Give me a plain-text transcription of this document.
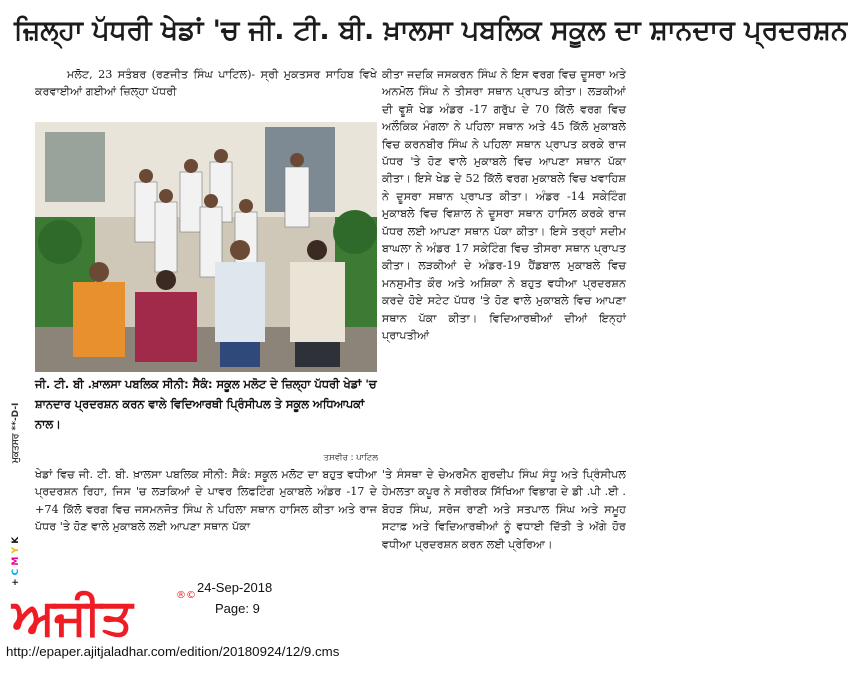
ਜ਼ਿਲ੍ਹਾ ਪੱਧਰੀ ਖੇਡਾਂ 'ਚ ਜੀ. ਟੀ. ਬੀ. ਖ਼ਾਲਸਾ ਪਬਲਿਕ ਸਕੂਲ ਦਾ ਸ਼ਾਨਦਾਰ ਪ੍ਰਦਰਸ਼ਨ
ਮਲੋਟ, 23 ਸਤੰਬਰ (ਰਣਜੀਤ ਸਿੰਘ ਪਾਟਿਲ)- ਸ੍ਰੀ ਮੁਕਤਸਰ ਸਾਹਿਬ ਵਿਖੇ ਕਰਵਾਈਆਂ ਗਈਆਂ ਜ਼ਿਲ੍ਹਾ ਪੱਧਰੀ
ਕੀਤਾ ਜਦਕਿ ਜਸਕਰਨ ਸਿੰਘ ਨੇ ਇਸ ਵਰਗ ਵਿਚ ਦੂਸਰਾ ਅਤੇ ਅਨਮੋਲ ਸਿੰਘ ਨੇ ਤੀਸਰਾ ਸਥਾਨ ਪ੍ਰਾਪਤ ਕੀਤਾ। ਲੜਕੀਆਂ ਦੀ ਵੂਸ਼ੋ ਖੇਡ ਅੰਡਰ -17 ਗਰੁੱਪ ਦੇ 70 ਕਿੱਲੋ ਵਰਗ ਵਿਚ ਅਲੌਕਿਕ ਮੰਗਲਾ ਨੇ ਪਹਿਲਾ ਸਥਾਨ ਅਤੇ 45 ਕਿੱਲੋ ਮੁਕਾਬਲੇ ਵਿਚ ਕਰਨਬੀਰ ਸਿੰਘ ਨੇ ਪਹਿਲਾ ਸਥਾਨ ਪ੍ਰਾਪਤ ਕਰਕੇ ਰਾਜ ਪੱਧਰ 'ਤੇ ਹੋਣ ਵਾਲੇ ਮੁਕਾਬਲੇ ਵਿਚ ਆਪਣਾ ਸਥਾਨ ਪੱਕਾ ਕੀਤਾ। ਇਸੇ ਖੇਡ ਦੇ 52 ਕਿੱਲੋ ਵਰਗ ਮੁਕਾਬਲੇ ਵਿਚ ਖਵਾਹਿਸ਼ ਨੇ ਦੂਸਰਾ ਸਥਾਨ ਪ੍ਰਾਪਤ ਕੀਤਾ। ਅੰਡਰ -14 ਸਕੇਟਿੰਗ ਮੁਕਾਬਲੇ ਵਿਚ ਵਿਸ਼ਾਲ ਨੇ ਦੂਸਰਾ ਸਥਾਨ ਹਾਸਿਲ ਕਰਕੇ ਰਾਜ ਪੱਧਰ ਲਈ ਆਪਣਾ ਸਥਾਨ ਪੱਕਾ ਕੀਤਾ। ਇਸੇ ਤਰ੍ਹਾਂ ਸਦੀਮ ਬਾਘਲਾ ਨੇ ਅੰਡਰ 17 ਸਕੇਟਿੰਗ ਵਿਚ ਤੀਸਰਾ ਸਥਾਨ ਪ੍ਰਾਪਤ ਕੀਤਾ। ਲੜਕੀਆਂ ਦੇ ਅੰਡਰ-19 ਹੈਂਡਬਾਲ ਮੁਕਾਬਲੇ ਵਿਚ ਮਨਸੁਮੀਤ ਕੌਰ ਅਤੇ ਅਸ਼ਿਕਾ ਨੇ ਬਹੁਤ ਵਧੀਆ ਪ੍ਰਦਰਸ਼ਨ ਕਰਦੇ ਹੋਏ ਸਟੇਟ ਪੱਧਰ 'ਤੇ ਹੋਣ ਵਾਲੇ ਮੁਕਾਬਲੇ ਵਿਚ ਆਪਣਾ ਸਥਾਨ ਪੱਕਾ ਕੀਤਾ। ਵਿਦਿਆਰਥੀਆਂ ਦੀਆਂ ਇਨ੍ਹਾਂ ਪ੍ਰਾਪਤੀਆਂ
ਜੀ. ਟੀ. ਬੀ .ਖ਼ਾਲਸਾ ਪਬਲਿਕ ਸੀਨੀ: ਸੈਕੰ: ਸਕੂਲ ਮਲੋਟ ਦੇ ਜ਼ਿਲ੍ਹਾ ਪੱਧਰੀ ਖੇਡਾਂ 'ਚ ਸ਼ਾਨਦਾਰ ਪ੍ਰਦਰਸ਼ਨ ਕਰਨ ਵਾਲੇ ਵਿਦਿਆਰਥੀ ਪ੍ਰਿੰਸੀਪਲ ਤੇ ਸਕੂਲ ਅਧਿਆਪਕਾਂ ਨਾਲ।
ਤਸਵੀਰ : ਪਾਟਿਲ
ਖੇਡਾਂ ਵਿਚ ਜੀ. ਟੀ. ਬੀ. ਖ਼ਾਲਸਾ ਪਬਲਿਕ ਸੀਨੀ: ਸੈਕੰ: ਸਕੂਲ ਮਲੋਟ ਦਾ ਬਹੁਤ ਵਧੀਆ ਪ੍ਰਦਰਸ਼ਨ ਰਿਹਾ, ਜਿਸ 'ਚ ਲੜਕਿਆਂ ਦੇ ਪਾਵਰ ਲਿਫਟਿੰਗ ਮੁਕਾਬਲੇ ਅੰਡਰ -17 ਦੇ +74 ਕਿੱਲੋ ਵਰਗ ਵਿਚ ਜਸਮਨਜੋਤ ਸਿੰਘ ਨੇ ਪਹਿਲਾ ਸਥਾਨ ਹਾਸਿਲ ਕੀਤਾ ਅਤੇ ਰਾਜ ਪੱਧਰ 'ਤੇ ਹੋਣ ਵਾਲੇ ਮੁਕਾਬਲੇ ਲਈ ਆਪਣਾ ਸਥਾਨ ਪੱਕਾ
'ਤੇ ਸੰਸਥਾ ਦੇ ਚੇਅਰਮੈਨ ਗੁਰਦੀਪ ਸਿੰਘ ਸੰਧੂ ਅਤੇ ਪ੍ਰਿੰਸੀਪਲ ਹੇਮਲਤਾ ਕਪੂਰ ਨੇ ਸਰੀਰਕ ਸਿੱਖਿਆ ਵਿਭਾਗ ਦੇ ਡੀ .ਪੀ .ਈ . ਬੋਹੜ ਸਿੰਘ, ਸਰੋਜ ਰਾਣੀ ਅਤੇ ਸਤਪਾਲ ਸਿੰਘ ਅਤੇ ਸਮੂਹ ਸਟਾਫ਼ ਅਤੇ ਵਿਦਿਆਰਥੀਆਂ ਨੂੰ ਵਧਾਈ ਦਿੱਤੀ ਤੇ ਅੱਗੇ ਹੋਰ ਵਧੀਆ ਪ੍ਰਦਰਸ਼ਨ ਕਰਨ ਲਈ ਪ੍ਰੇਰਿਆ।
ਮੁਕਤਸਰ **-D-I
+ C M Y K
ਅਜੀਤ	®©
24-Sep-2018
Page: 9
http://epaper.ajitjaladhar.com/edition/20180924/12/9.cms
